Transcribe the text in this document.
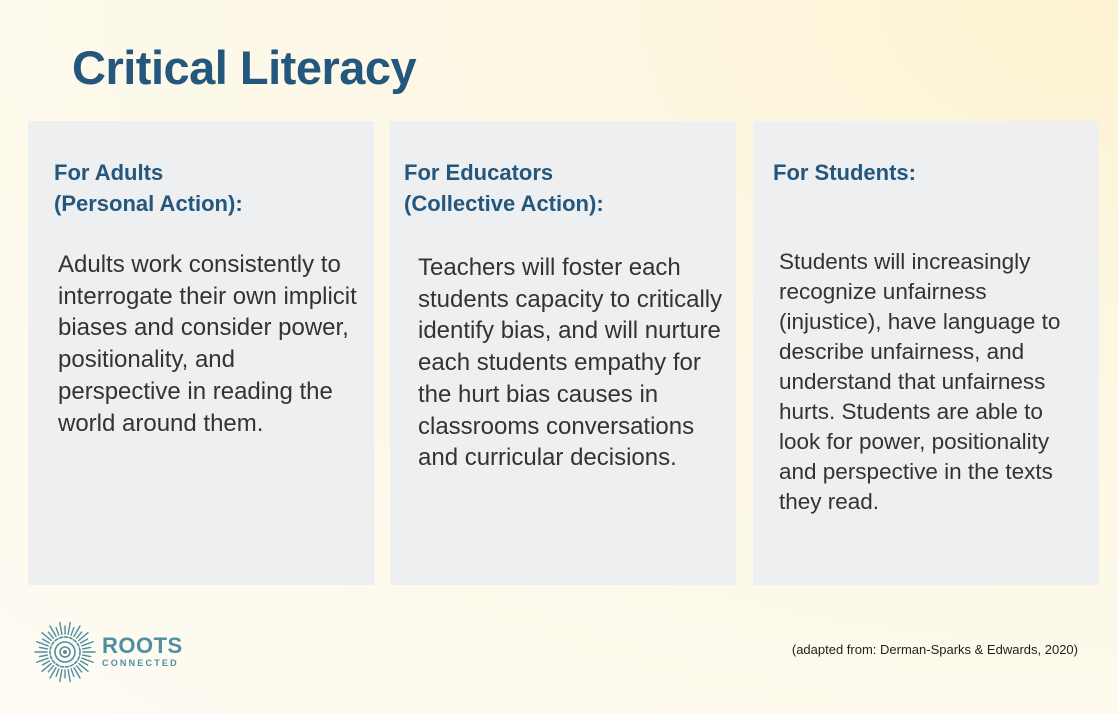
Critical Literacy
For Adults
(Personal Action):

Adults work consistently to interrogate their own implicit biases and consider power, positionality, and perspective in reading the world around them.

For Educators
(Collective Action):

Teachers will foster each students capacity to critically identify bias, and will nurture each students empathy for the hurt bias causes in classrooms conversations and curricular decisions.

For Students:

Students will increasingly recognize unfairness (injustice), have language to describe unfairness, and understand that unfairness hurts. Students are able to look for power, positionality and perspective in the texts they read.

ROOTS
CONNECTED
(adapted from: Derman-Sparks & Edwards, 2020)
